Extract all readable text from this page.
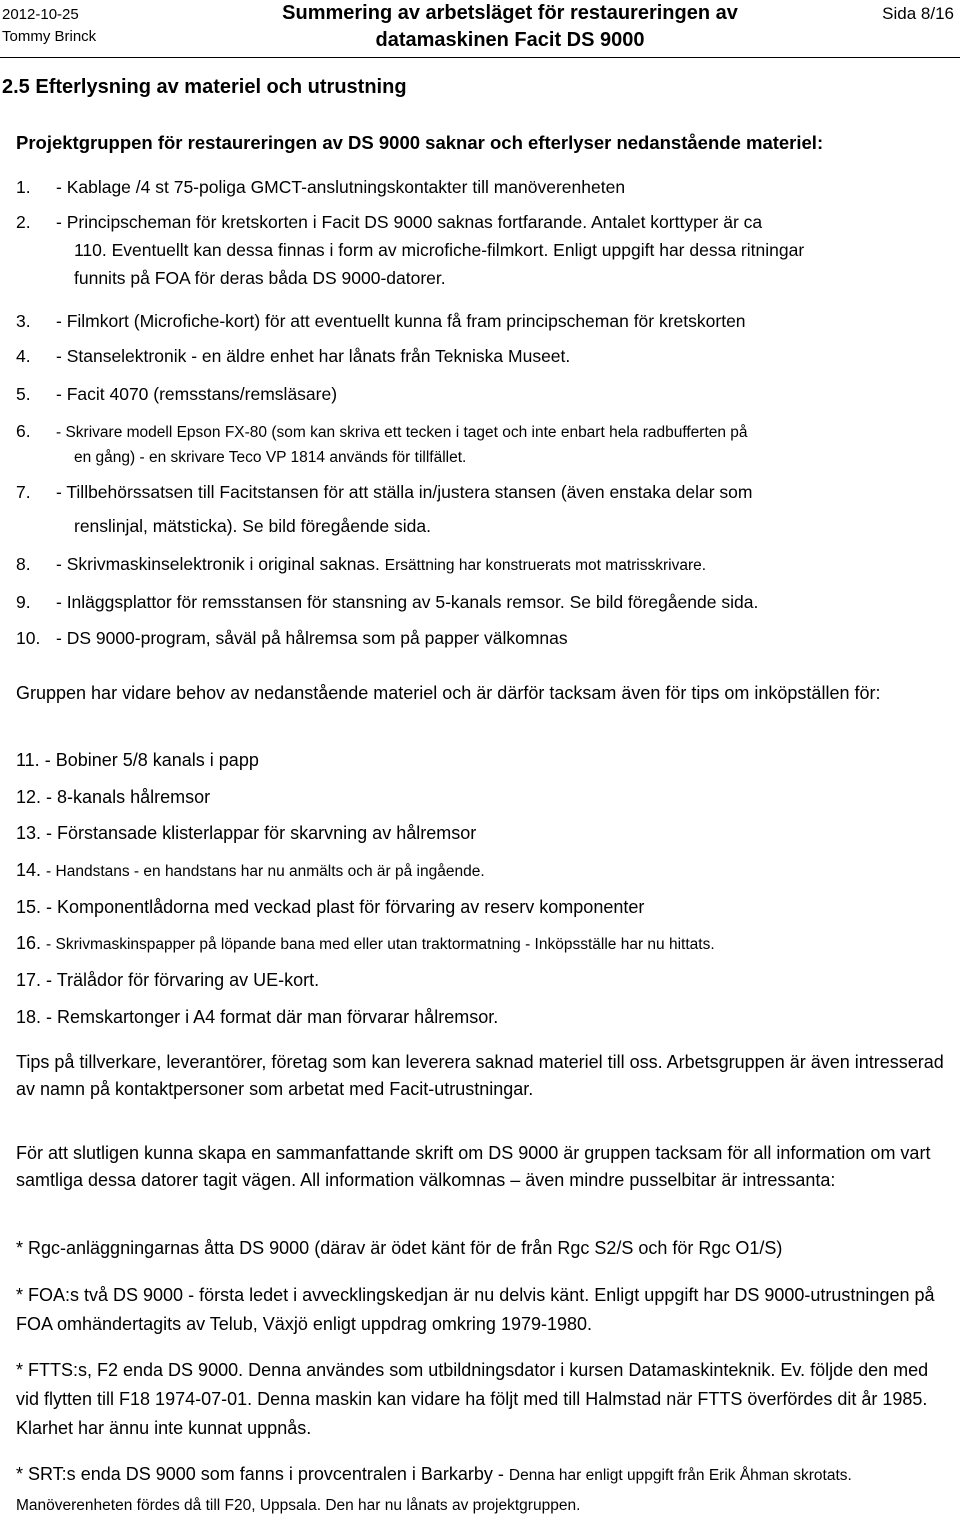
2012-10-25
Tommy Brinck
Summering av arbetsläget för restaureringen av
datamaskinen Facit DS 9000
Sida 8/16
2.5 Efterlysning av materiel och utrustning
Projektgruppen för restaureringen av DS 9000 saknar och efterlyser nedanstående materiel:
1. - Kablage /4 st 75-poliga GMCT-anslutningskontakter till manöverenheten
2. - Principscheman för kretskorten i Facit DS 9000 saknas fortfarande. Antalet korttyper är ca
110. Eventuellt kan dessa finnas i form av microfiche-filmkort. Enligt uppgift har dessa ritningar
funnits på FOA för deras båda DS 9000-datorer.
3. - Filmkort (Microfiche-kort) för att eventuellt kunna få fram principscheman för kretskorten
4. - Stanselektronik - en äldre enhet har lånats från Tekniska Museet.
5. - Facit 4070 (remsstans/remsläsare)
6. - Skrivare modell Epson FX-80 (som kan skriva ett tecken i taget och inte enbart hela radbufferten på
en gång) - en skrivare Teco VP 1814 används för tillfället.
7. - Tillbehörssatsen till Facitstansen för att ställa in/justera stansen (även enstaka delar som
renslinjal, mätsticka). Se bild föregående sida.
8. - Skrivmaskinselektronik i original saknas. Ersättning har konstruerats mot matrisskrivare.
9. - Inläggsplattor för remsstansen för stansning av 5-kanals remsor. Se bild föregående sida.
10. - DS 9000-program, såväl på hålremsa som på papper välkomnas
Gruppen har vidare behov av nedanstående materiel och är därför tacksam även för tips om inköpställen för:
11. - Bobiner 5/8 kanals i papp
12. - 8-kanals hålremsor
13. - Förstansade klisterlappar för skarvning av hålremsor
14. - Handstans - en handstans har nu anmälts och är på ingående.
15. - Komponentlådorna med veckad plast för förvaring av reserv komponenter
16. - Skrivmaskinspapper på löpande bana med eller utan traktormatning - Inköpsställe har nu hittats.
17. - Trälådor för förvaring av UE-kort.
18. - Remskartonger i A4 format där man förvarar hålremsor.
Tips på tillverkare, leverantörer, företag som kan leverera saknad materiel till oss. Arbetsgruppen är även intresserad av namn på kontaktpersoner som arbetat med Facit-utrustningar.
För att slutligen kunna skapa en sammanfattande skrift om DS 9000 är gruppen tacksam för all information om vart samtliga dessa datorer tagit vägen. All information välkomnas – även mindre pusselbitar är intressanta:
* Rgc-anläggningarnas åtta DS 9000 (därav är ödet känt för de från Rgc S2/S och för Rgc O1/S)
* FOA:s två DS 9000 - första ledet i avvecklingskedjan är nu delvis känt. Enligt uppgift har DS 9000-utrustningen på FOA omhändertagits av Telub, Växjö enligt uppdrag omkring 1979-1980.
* FTTS:s, F2 enda DS 9000. Denna användes som utbildningsdator i kursen Datamaskinteknik. Ev. följde den med vid flytten till F18 1974-07-01. Denna maskin kan vidare ha följt med till Halmstad när FTTS överfördes dit år 1985. Klarhet har ännu inte kunnat uppnås.
* SRT:s enda DS 9000 som fanns i provcentralen i Barkarby - Denna har enligt uppgift från Erik Åhman skrotats. Manöverenheten fördes då till F20, Uppsala. Den har nu lånats av projektgruppen.
